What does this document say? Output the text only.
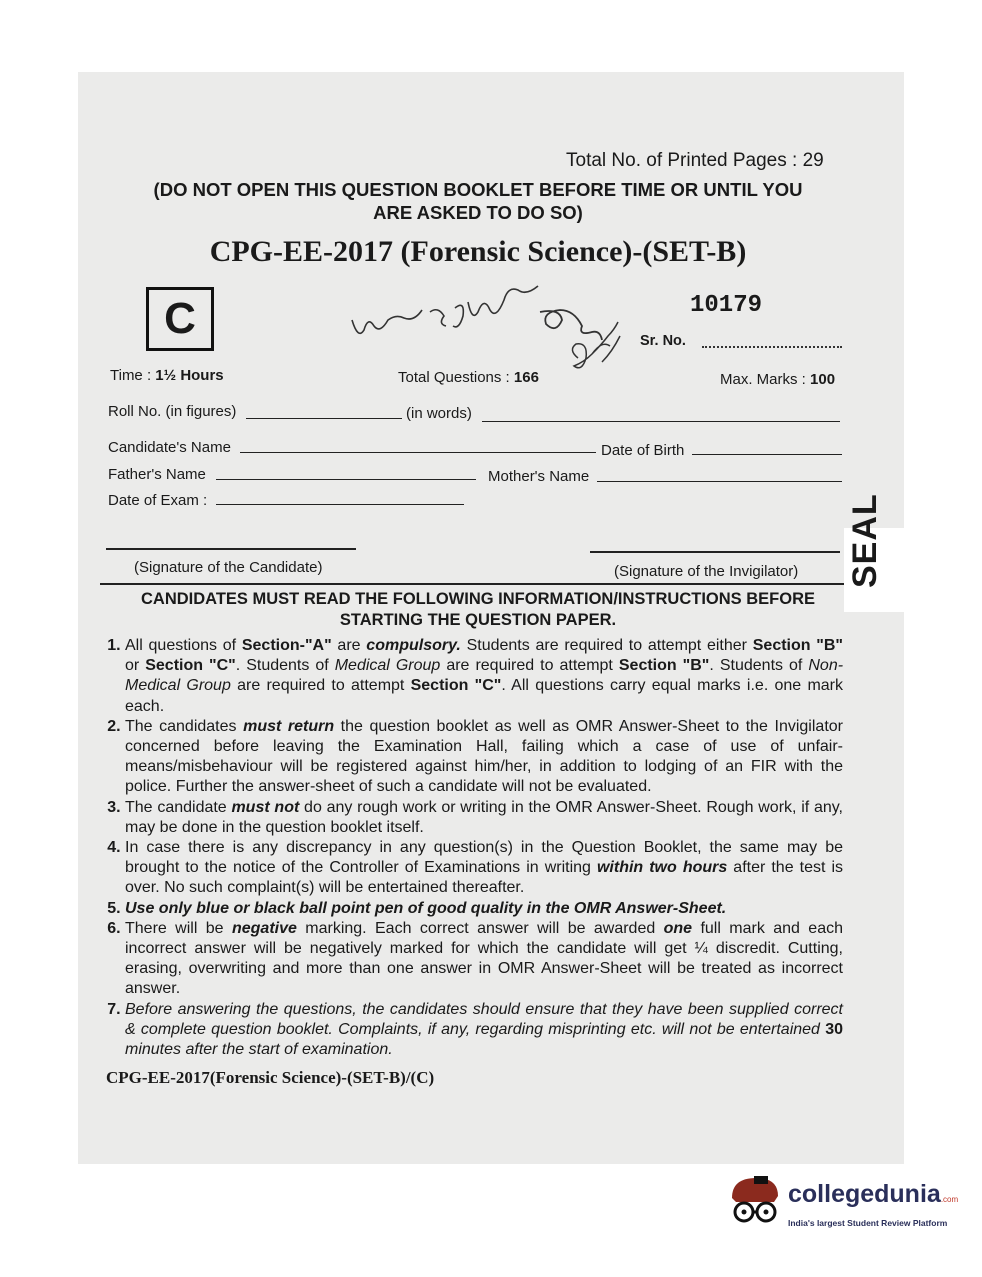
Total No. of Printed Pages : 29
(DO NOT OPEN THIS QUESTION BOOKLET BEFORE TIME OR UNTIL YOU
ARE ASKED TO DO SO)
CPG-EE-2017 (Forensic Science)-(SET-B)
C	10179
Sr. No.
Time : 1½ Hours	Total Questions : 166	Max. Marks : 100
Roll No. (in figures)	(in words)
Candidate's Name	Date of Birth
Father's Name	Mother's Name
Date of Exam :
(Signature of the Candidate)	(Signature of the Invigilator) SEAL
CANDIDATES MUST READ THE FOLLOWING INFORMATION/INSTRUCTIONS BEFORE
STARTING THE QUESTION PAPER.
1. All questions of Section-"A" are compulsory. Students are required to attempt either Section "B" or Section "C". Students of Medical Group are required to attempt Section "B". Students of Non-Medical Group are required to attempt Section "C". All questions carry equal marks i.e. one mark each.
2. The candidates must return the question booklet as well as OMR Answer-Sheet to the Invigilator concerned before leaving the Examination Hall, failing which a case of use of unfair-means/misbehaviour will be registered against him/her, in addition to lodging of an FIR with the police. Further the answer-sheet of such a candidate will not be evaluated.
3. The candidate must not do any rough work or writing in the OMR Answer-Sheet. Rough work, if any, may be done in the question booklet itself.
4. In case there is any discrepancy in any question(s) in the Question Booklet, the same may be brought to the notice of the Controller of Examinations in writing within two hours after the test is over. No such complaint(s) will be entertained thereafter.
5. Use only blue or black ball point pen of good quality in the OMR Answer-Sheet.
6. There will be negative marking. Each correct answer will be awarded one full mark and each incorrect answer will be negatively marked for which the candidate will get ¼ discredit. Cutting, erasing, overwriting and more than one answer in OMR Answer-Sheet will be treated as incorrect answer.
7. Before answering the questions, the candidates should ensure that they have been supplied correct & complete question booklet. Complaints, if any, regarding misprinting etc. will not be entertained 30 minutes after the start of examination.
CPG-EE-2017(Forensic Science)-(SET-B)/(C)
collegedunia.com
India's largest Student Review Platform
